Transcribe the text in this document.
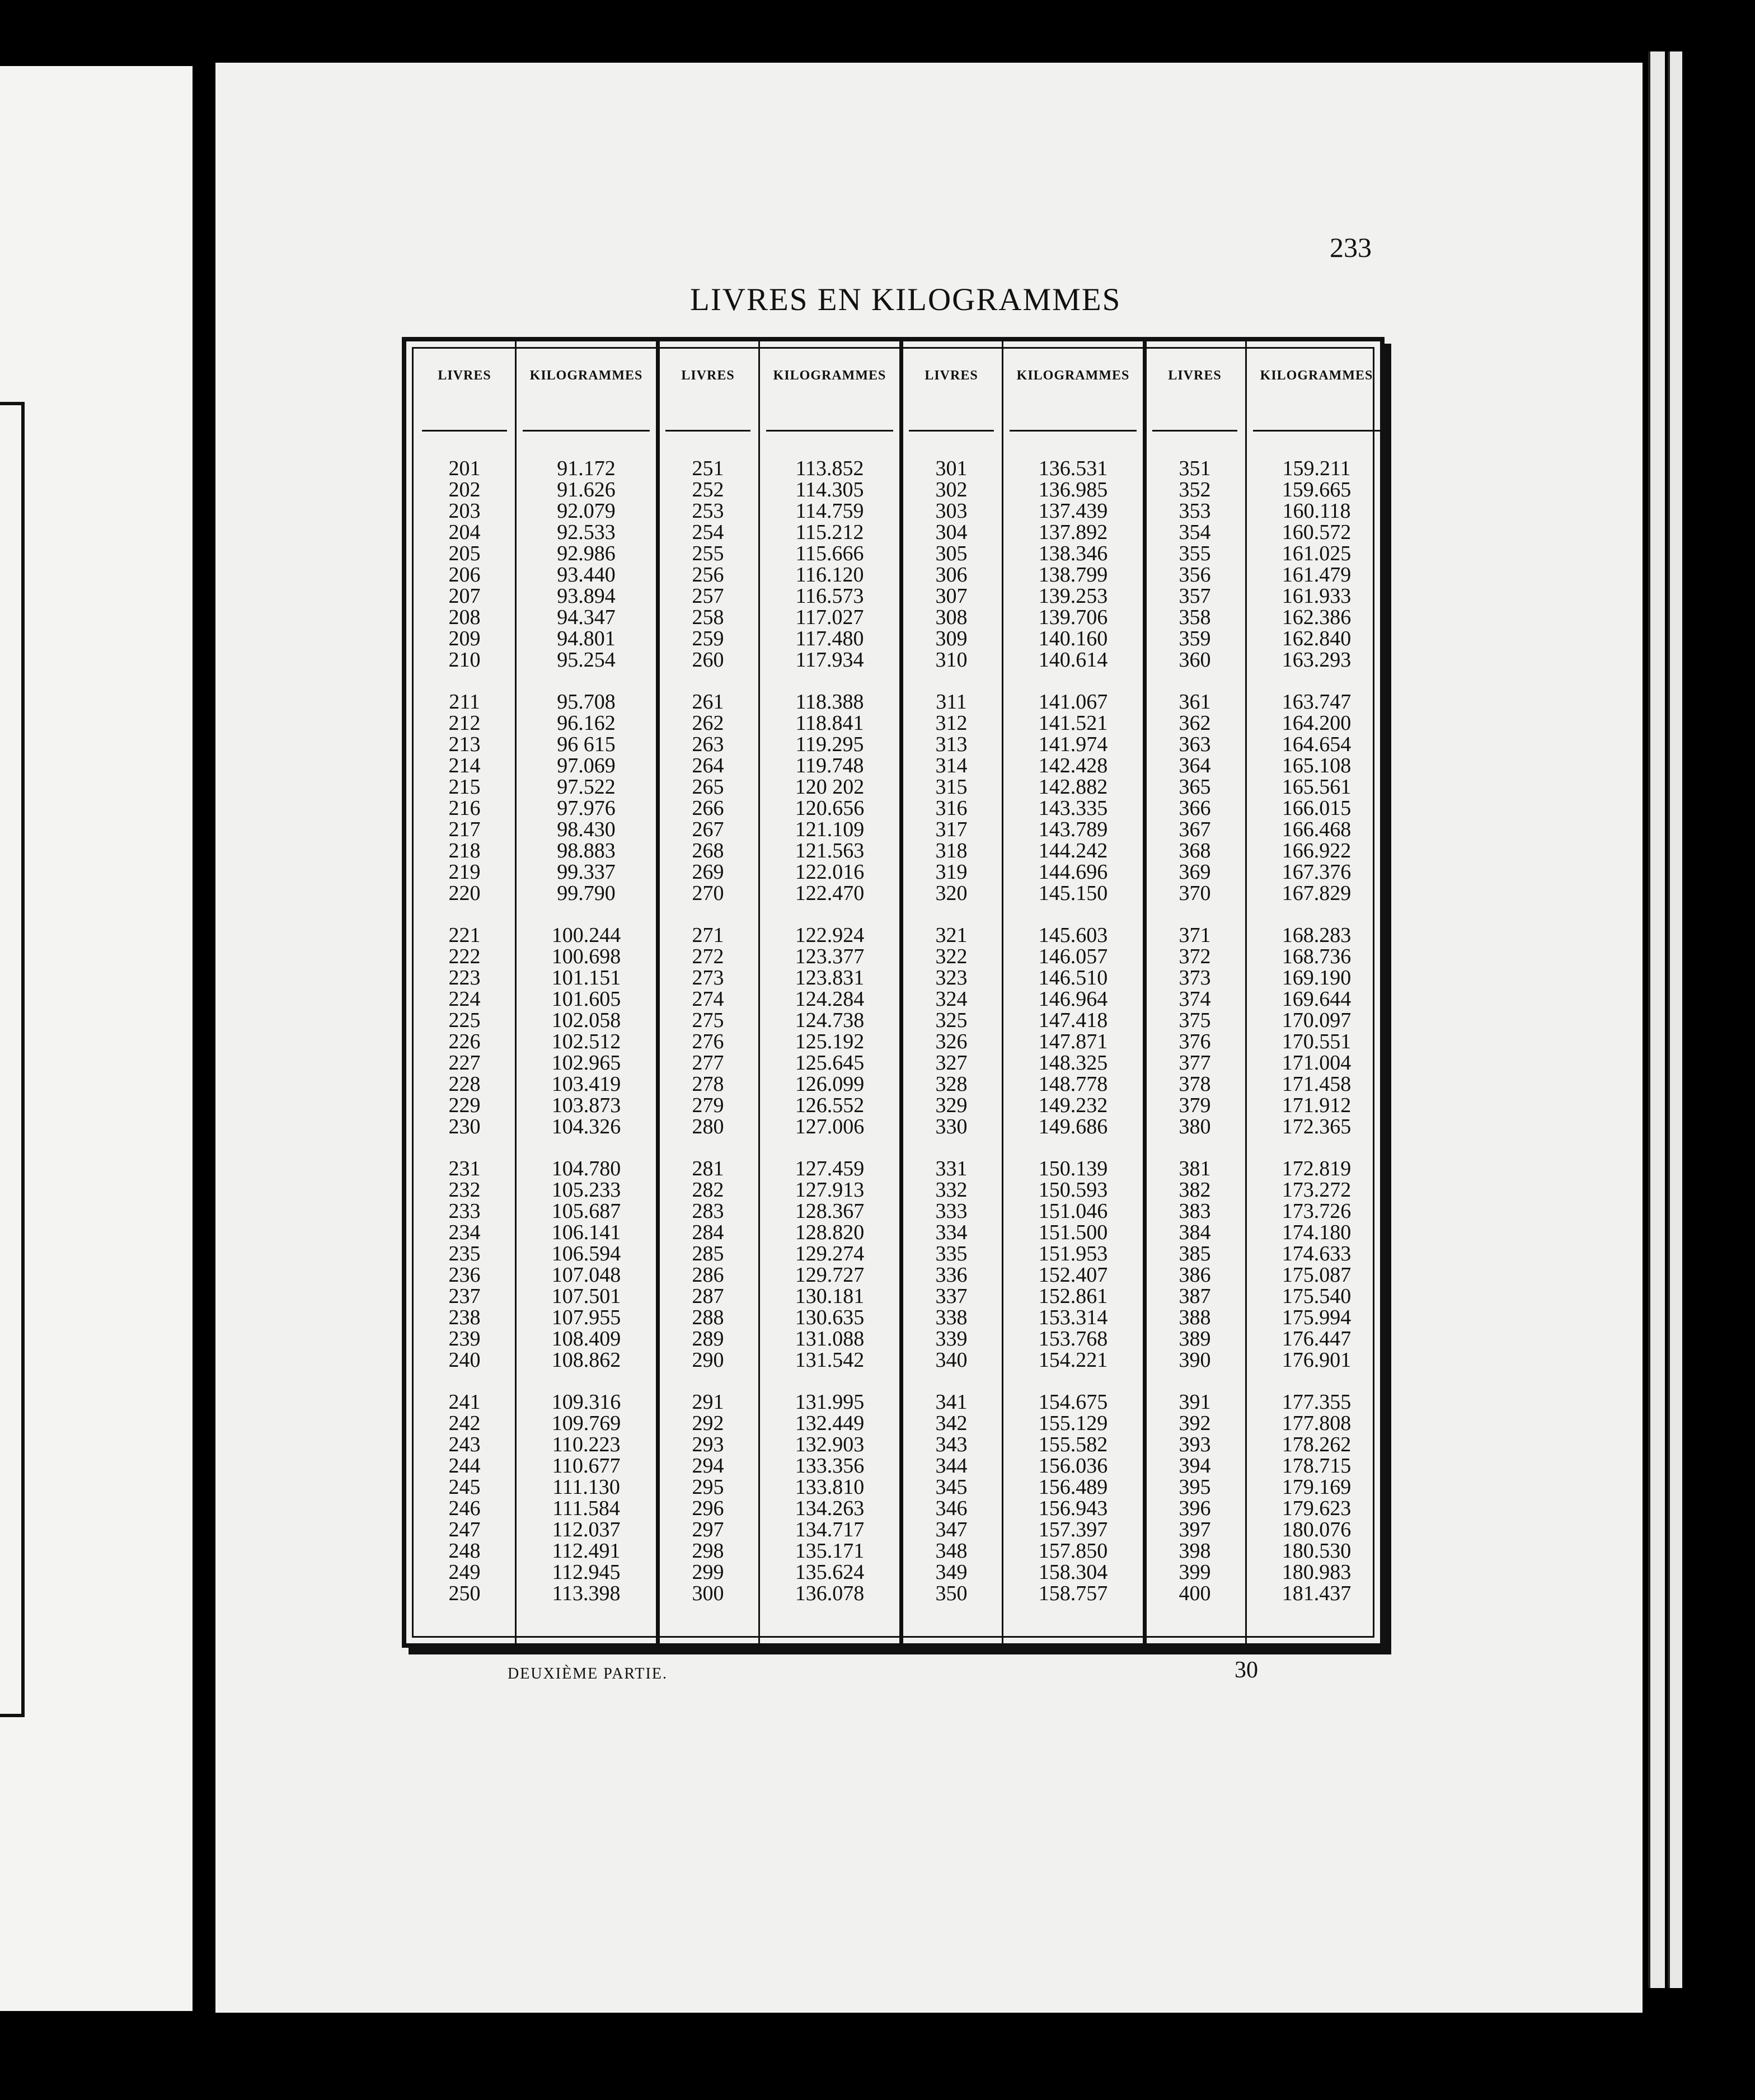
233
LIVRES EN KILOGRAMMES
LIVRES
201
202
203
204
205
206
207
208
209
210
211
212
213
214
215
216
217
218
219
220
221
222
223
224
225
226
227
228
229
230
231
232
233
234
235
236
237
238
239
240
241
242
243
244
245
246
247
248
249
250
KILOGRAMMES
91.172
91.626
92.079
92.533
92.986
93.440
93.894
94.347
94.801
95.254
95.708
96.162
96 615
97.069
97.522
97.976
98.430
98.883
99.337
99.790
100.244
100.698
101.151
101.605
102.058
102.512
102.965
103.419
103.873
104.326
104.780
105.233
105.687
106.141
106.594
107.048
107.501
107.955
108.409
108.862
109.316
109.769
110.223
110.677
111.130
111.584
112.037
112.491
112.945
113.398
LIVRES
251
252
253
254
255
256
257
258
259
260
261
262
263
264
265
266
267
268
269
270
271
272
273
274
275
276
277
278
279
280
281
282
283
284
285
286
287
288
289
290
291
292
293
294
295
296
297
298
299
300
KILOGRAMMES
113.852
114.305
114.759
115.212
115.666
116.120
116.573
117.027
117.480
117.934
118.388
118.841
119.295
119.748
120 202
120.656
121.109
121.563
122.016
122.470
122.924
123.377
123.831
124.284
124.738
125.192
125.645
126.099
126.552
127.006
127.459
127.913
128.367
128.820
129.274
129.727
130.181
130.635
131.088
131.542
131.995
132.449
132.903
133.356
133.810
134.263
134.717
135.171
135.624
136.078
LIVRES
301
302
303
304
305
306
307
308
309
310
311
312
313
314
315
316
317
318
319
320
321
322
323
324
325
326
327
328
329
330
331
332
333
334
335
336
337
338
339
340
341
342
343
344
345
346
347
348
349
350
KILOGRAMMES
136.531
136.985
137.439
137.892
138.346
138.799
139.253
139.706
140.160
140.614
141.067
141.521
141.974
142.428
142.882
143.335
143.789
144.242
144.696
145.150
145.603
146.057
146.510
146.964
147.418
147.871
148.325
148.778
149.232
149.686
150.139
150.593
151.046
151.500
151.953
152.407
152.861
153.314
153.768
154.221
154.675
155.129
155.582
156.036
156.489
156.943
157.397
157.850
158.304
158.757
LIVRES
351
352
353
354
355
356
357
358
359
360
361
362
363
364
365
366
367
368
369
370
371
372
373
374
375
376
377
378
379
380
381
382
383
384
385
386
387
388
389
390
391
392
393
394
395
396
397
398
399
400
KILOGRAMMES
159.211
159.665
160.118
160.572
161.025
161.479
161.933
162.386
162.840
163.293
163.747
164.200
164.654
165.108
165.561
166.015
166.468
166.922
167.376
167.829
168.283
168.736
169.190
169.644
170.097
170.551
171.004
171.458
171.912
172.365
172.819
173.272
173.726
174.180
174.633
175.087
175.540
175.994
176.447
176.901
177.355
177.808
178.262
178.715
179.169
179.623
180.076
180.530
180.983
181.437
DEUXIÈME PARTIE.	30
